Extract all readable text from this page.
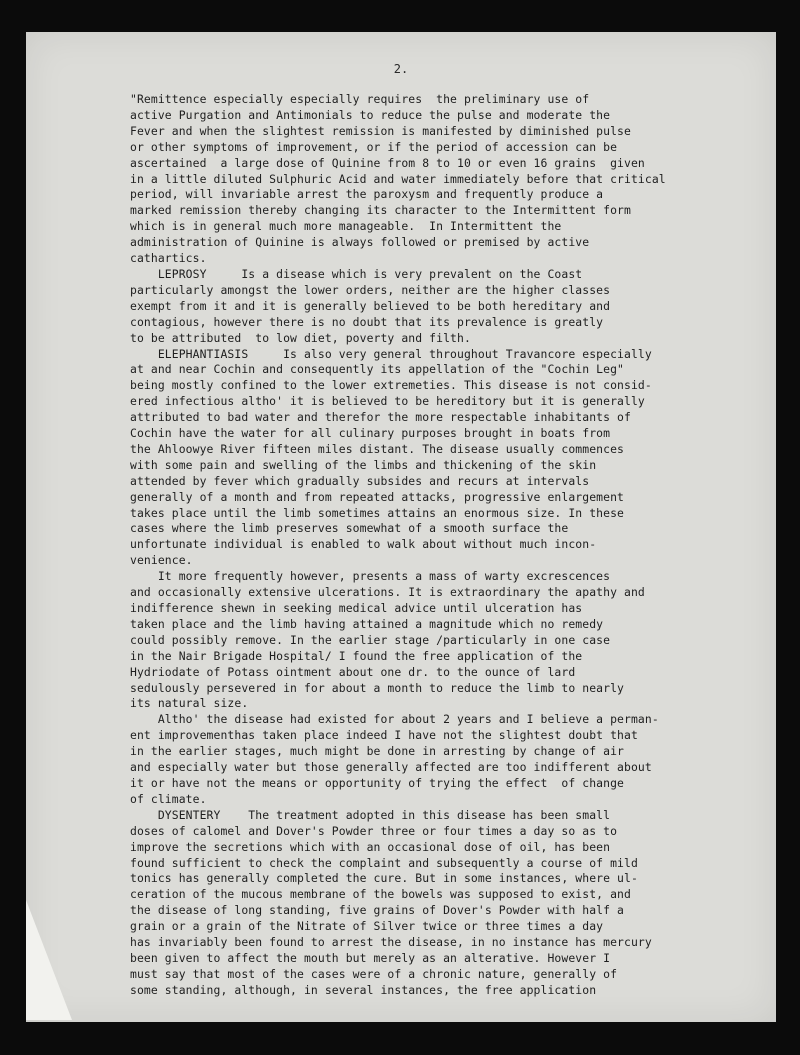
2.
"Remittence especially especially requires  the preliminary use of
active Purgation and Antimonials to reduce the pulse and moderate the
Fever and when the slightest remission is manifested by diminished pulse
or other symptoms of improvement, or if the period of accession can be
ascertained  a large dose of Quinine from 8 to 10 or even 16 grains  given
in a little diluted Sulphuric Acid and water immediately before that critical
period, will invariable arrest the paroxysm and frequently produce a
marked remission thereby changing its character to the Intermittent form
which is in general much more manageable.  In Intermittent the
administration of Quinine is always followed or premised by active
cathartics.
LEPROSY     Is a disease which is very prevalent on the Coast
particularly amongst the lower orders, neither are the higher classes
exempt from it and it is generally believed to be both hereditary and
contagious, however there is no doubt that its prevalence is greatly
to be attributed  to low diet, poverty and filth.
ELEPHANTIASIS     Is also very general throughout Travancore especially
at and near Cochin and consequently its appellation of the "Cochin Leg"
being mostly confined to the lower extremeties. This disease is not consid-
ered infectious altho' it is believed to be hereditory but it is generally
attributed to bad water and therefor the more respectable inhabitants of
Cochin have the water for all culinary purposes brought in boats from
the Ahloowye River fifteen miles distant. The disease usually commences
with some pain and swelling of the limbs and thickening of the skin
attended by fever which gradually subsides and recurs at intervals
generally of a month and from repeated attacks, progressive enlargement
takes place until the limb sometimes attains an enormous size. In these
cases where the limb preserves somewhat of a smooth surface the
unfortunate individual is enabled to walk about without much incon-
venience.
It more frequently however, presents a mass of warty excrescences
and occasionally extensive ulcerations. It is extraordinary the apathy and
indifference shewn in seeking medical advice until ulceration has
taken place and the limb having attained a magnitude which no remedy
could possibly remove. In the earlier stage /particularly in one case
in the Nair Brigade Hospital/ I found the free application of the
Hydriodate of Potass ointment about one dr. to the ounce of lard
sedulously persevered in for about a month to reduce the limb to nearly
its natural size.
Altho' the disease had existed for about 2 years and I believe a perman-
ent improvementhas taken place indeed I have not the slightest doubt that
in the earlier stages, much might be done in arresting by change of air
and especially water but those generally affected are too indifferent about
it or have not the means or opportunity of trying the effect  of change
of climate.
DYSENTERY    The treatment adopted in this disease has been small
doses of calomel and Dover's Powder three or four times a day so as to
improve the secretions which with an occasional dose of oil, has been
found sufficient to check the complaint and subsequently a course of mild
tonics has generally completed the cure. But in some instances, where ul-
ceration of the mucous membrane of the bowels was supposed to exist, and
the disease of long standing, five grains of Dover's Powder with half a
grain or a grain of the Nitrate of Silver twice or three times a day
has invariably been found to arrest the disease, in no instance has mercury
been given to affect the mouth but merely as an alterative. However I
must say that most of the cases were of a chronic nature, generally of
some standing, although, in several instances, the free application
